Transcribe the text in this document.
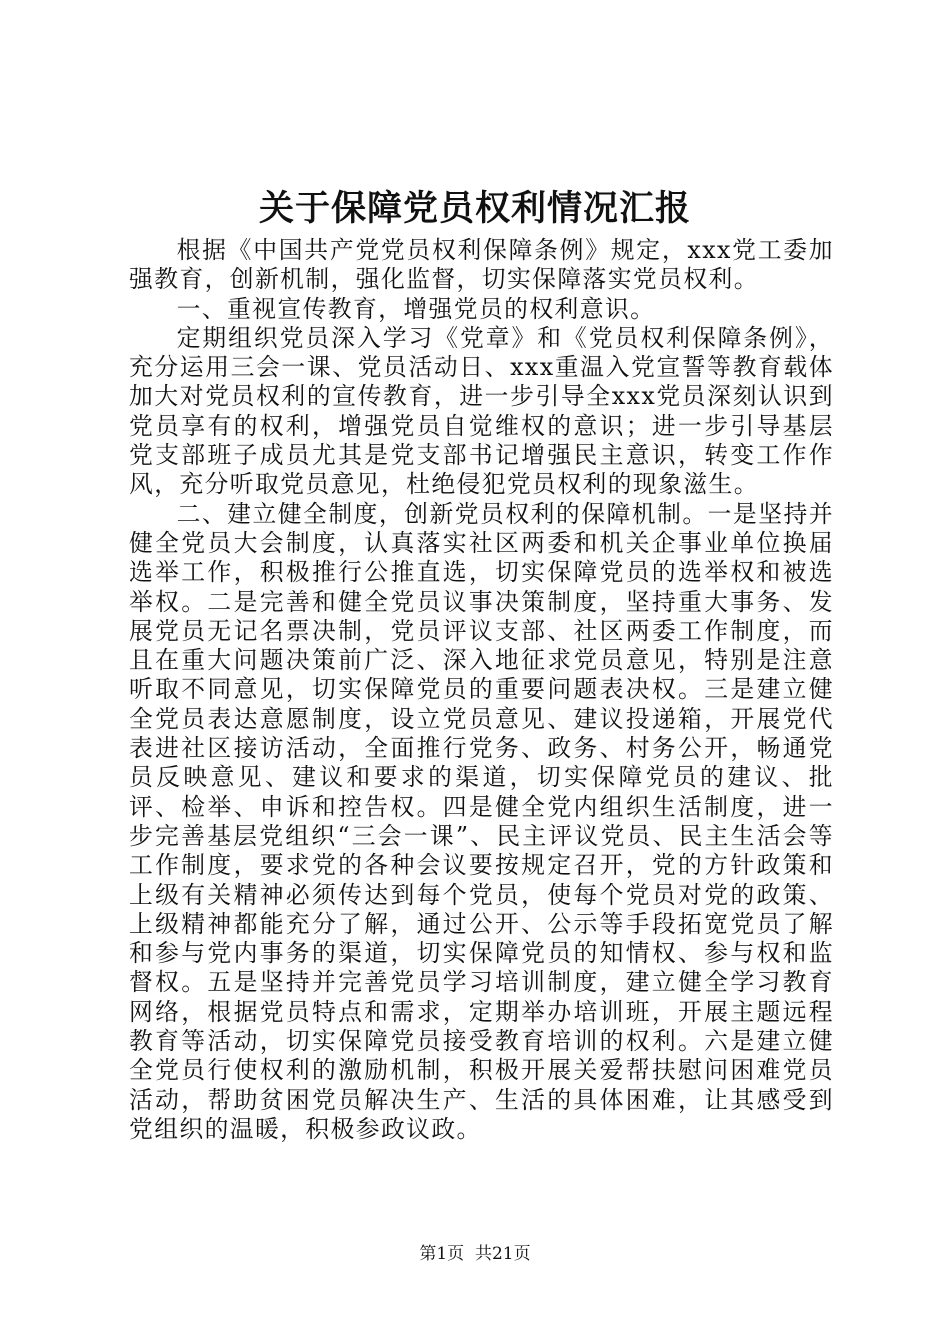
关于保障党员权利情况汇报

根据《中国共产党党员权利保障条例》规定，xxx党工委加强教育，创新机制，强化监督，切实保障落实党员权利。

一、重视宣传教育，增强党员的权利意识。

定期组织党员深入学习《党章》和《党员权利保障条例》，充分运用三会一课、党员活动日、xxx重温入党宣誓等教育载体加大对党员权利的宣传教育，进一步引导全xxx党员深刻认识到党员享有的权利，增强党员自觉维权的意识；进一步引导基层党支部班子成员尤其是党支部书记增强民主意识，转变工作作风，充分听取党员意见，杜绝侵犯党员权利的现象滋生。

二、建立健全制度，创新党员权利的保障机制。一是坚持并健全党员大会制度，认真落实社区两委和机关企事业单位换届选举工作，积极推行公推直选，切实保障党员的选举权和被选举权。二是完善和健全党员议事决策制度，坚持重大事务、发展党员无记名票决制，党员评议支部、社区两委工作制度，而且在重大问题决策前广泛、深入地征求党员意见，特别是注意听取不同意见，切实保障党员的重要问题表决权。三是建立健全党员表达意愿制度，设立党员意见、建议投递箱，开展党代表进社区接访活动，全面推行党务、政务、村务公开，畅通党员反映意见、建议和要求的渠道，切实保障党员的建议、批评、检举、申诉和控告权。四是健全党内组织生活制度，进一步完善基层党组织“三会一课”、民主评议党员、民主生活会等工作制度，要求党的各种会议要按规定召开，党的方针政策和上级有关精神必须传达到每个党员，使每个党员对党的政策、上级精神都能充分了解，通过公开、公示等手段拓宽党员了解和参与党内事务的渠道，切实保障党员的知情权、参与权和监督权。五是坚持并完善党员学习培训制度，建立健全学习教育网络，根据党员特点和需求，定期举办培训班，开展主题远程教育等活动，切实保障党员接受教育培训的权利。六是建立健全党员行使权利的激励机制，积极开展关爱帮扶慰问困难党员活动，帮助贫困党员解决生产、生活的具体困难，让其感受到党组织的温暖，积极参政议政。

第1页  共21页
